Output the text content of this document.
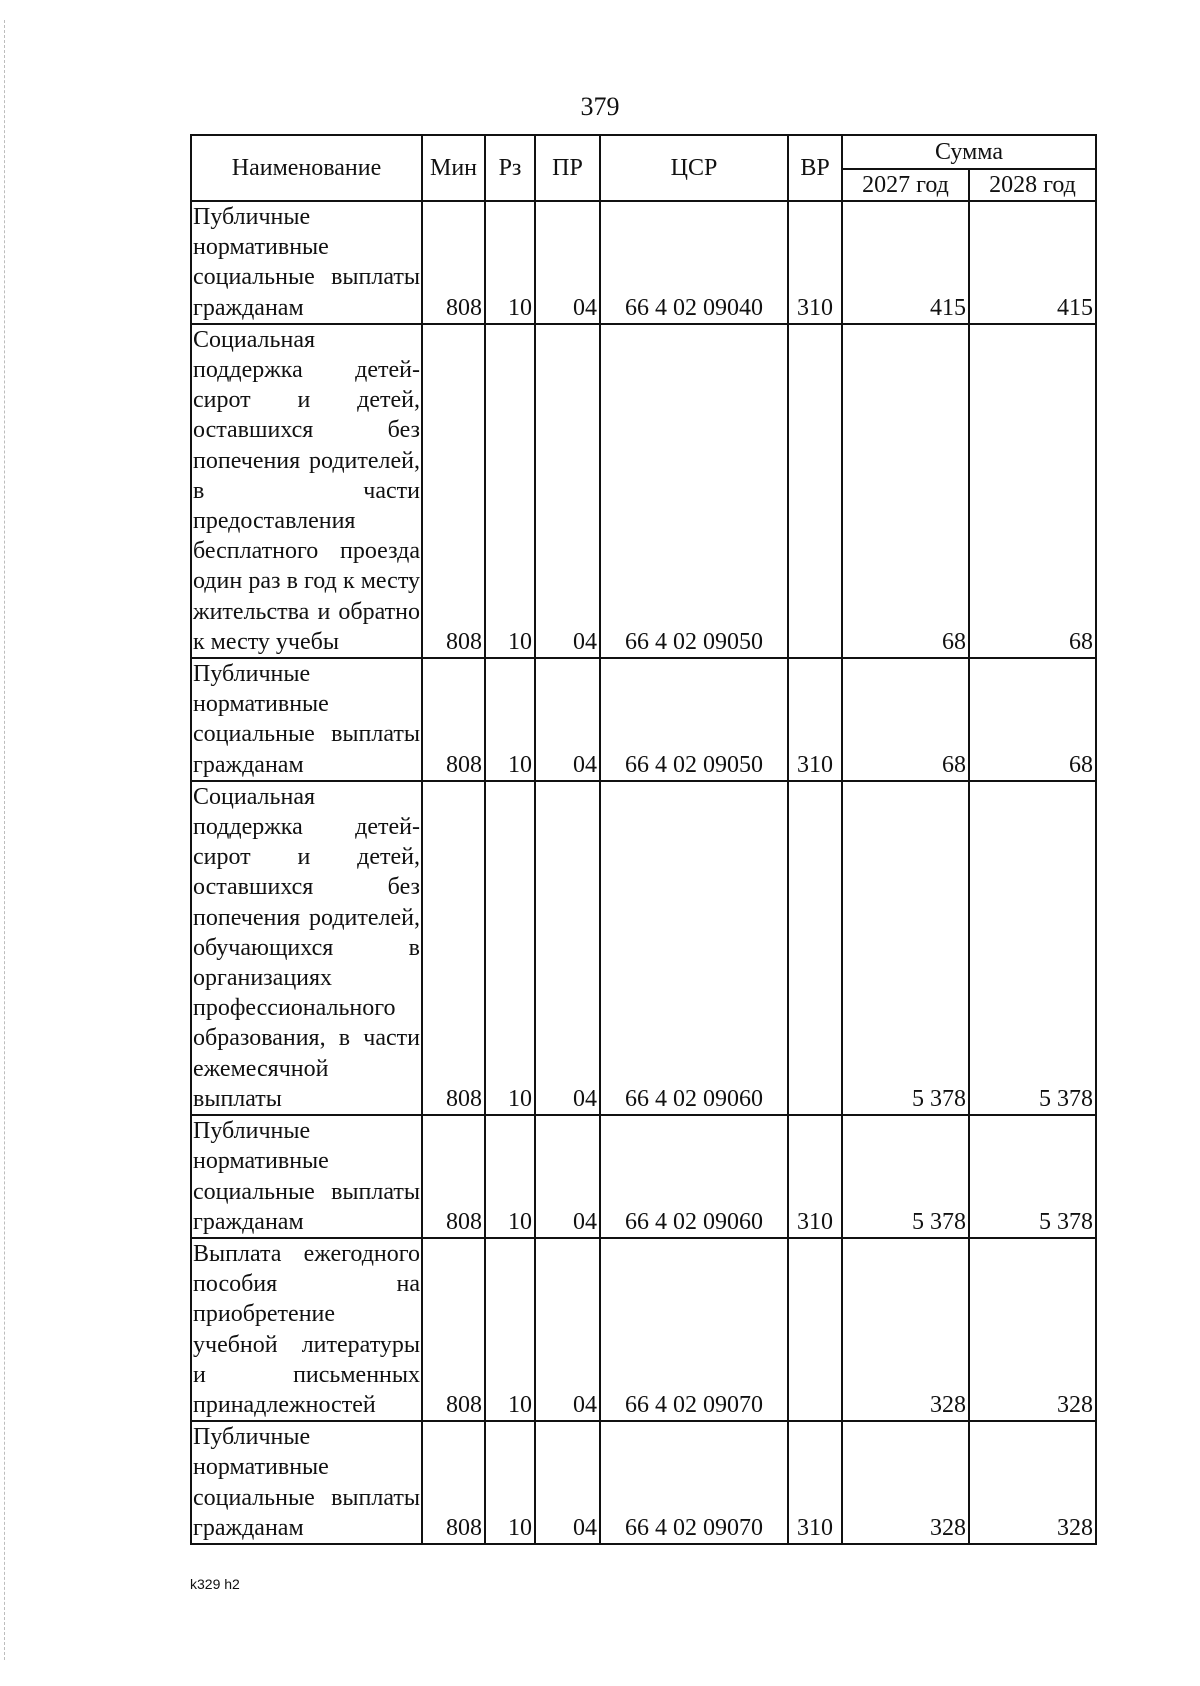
379
Наименование	Мин	Рз	ПР	ЦСР	ВР	Сумма	
						2027 год	2028 год
Публичные нормативные социальные выплаты гражданам	808	10	04	66 4 02 09040	310	415	415
Социальная поддержка детей-сирот и детей, оставшихся без попечения родителей, в части предоставления бесплатного проезда один раз в год к месту жительства и обратно к месту учебы	808	10	04	66 4 02 09050		68	68
Публичные нормативные социальные выплаты гражданам	808	10	04	66 4 02 09050	310	68	68
Социальная поддержка детей-сирот и детей, оставшихся без попечения родителей, обучающихся в организациях профессионального образования, в части ежемесячной выплаты	808	10	04	66 4 02 09060		5 378	5 378
Публичные нормативные социальные выплаты гражданам	808	10	04	66 4 02 09060	310	5 378	5 378
Выплата ежегодного пособия на приобретение учебной литературы и письменных принадлежностей	808	10	04	66 4 02 09070		328	328
Публичные нормативные социальные выплаты гражданам	808	10	04	66 4 02 09070	310	328	328
k329 h2
